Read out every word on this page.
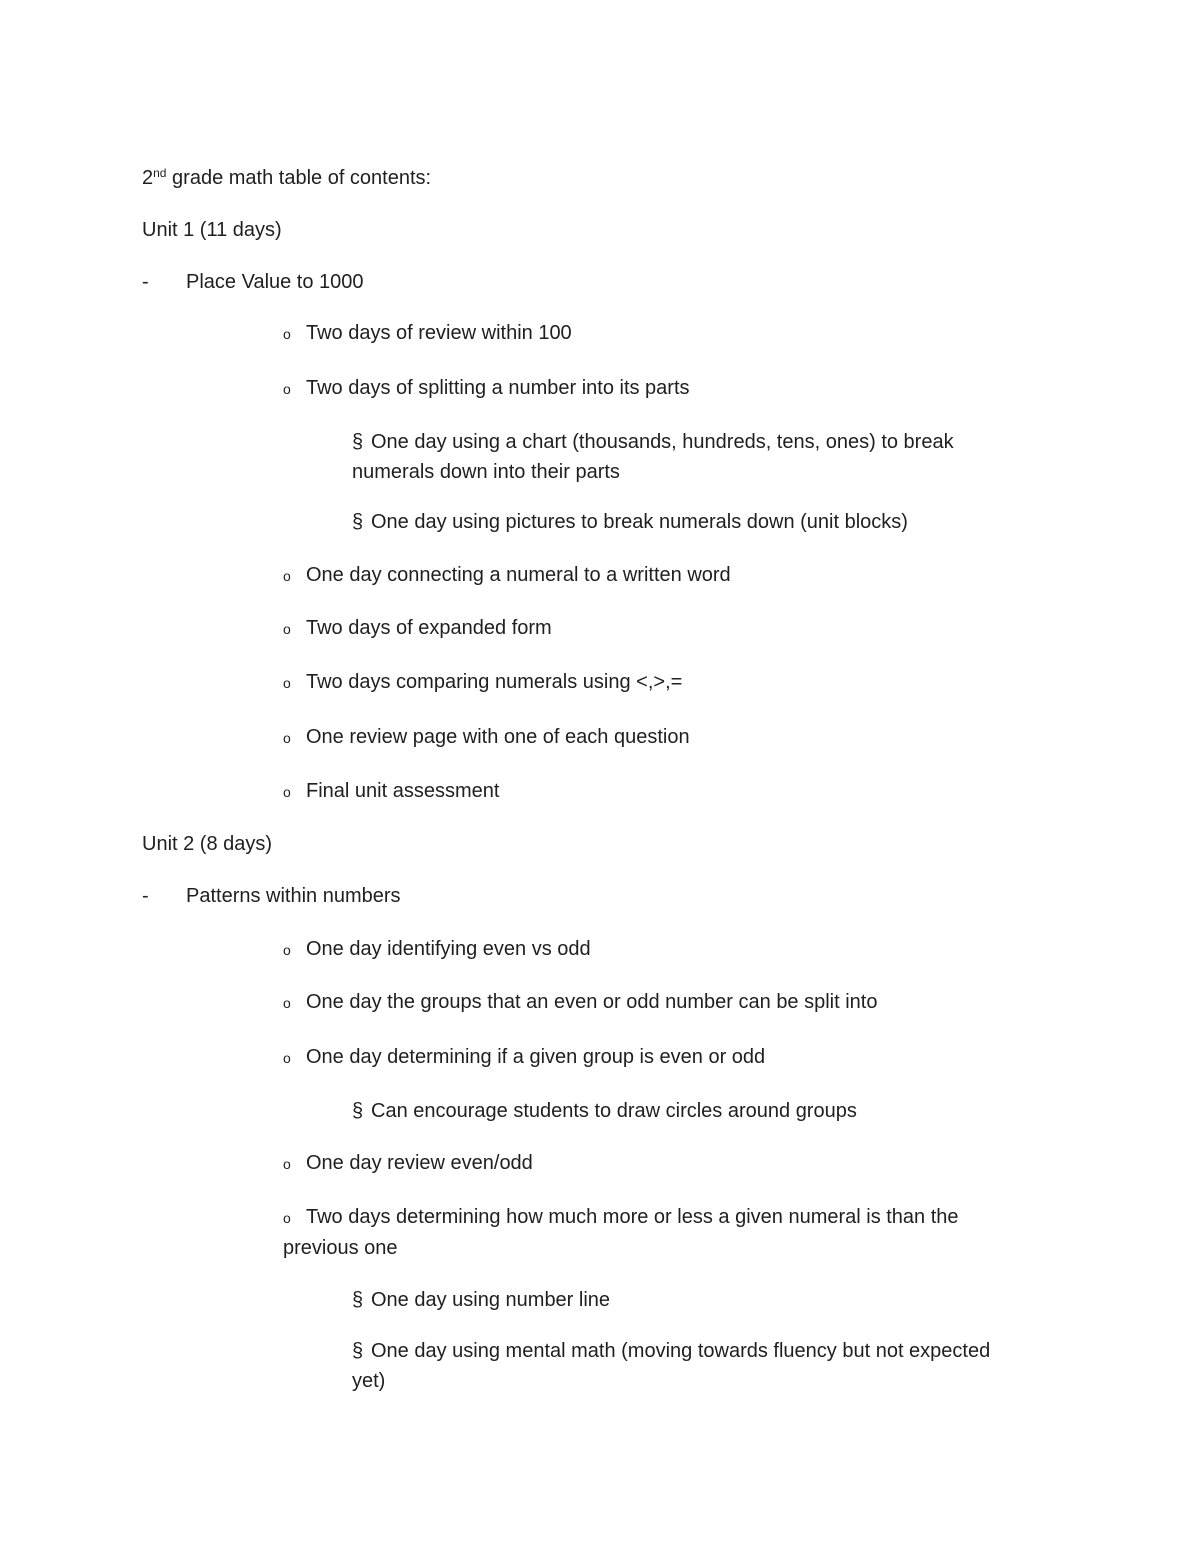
2nd grade math table of contents:
Unit 1 (11 days)
- Place Value to 1000
o Two days of review within 100
o Two days of splitting a number into its parts
§ One day using a chart (thousands, hundreds, tens, ones) to break
numerals down into their parts
§ One day using pictures to break numerals down (unit blocks)
o One day connecting a numeral to a written word
o Two days of expanded form
o Two days comparing numerals using <,>,=
o One review page with one of each question
o Final unit assessment
Unit 2 (8 days)
- Patterns within numbers
o One day identifying even vs odd
o One day the groups that an even or odd number can be split into
o One day determining if a given group is even or odd
§ Can encourage students to draw circles around groups
o One day review even/odd
o Two days determining how much more or less a given numeral is than the
previous one
§ One day using number line
§ One day using mental math (moving towards fluency but not expected
yet)
